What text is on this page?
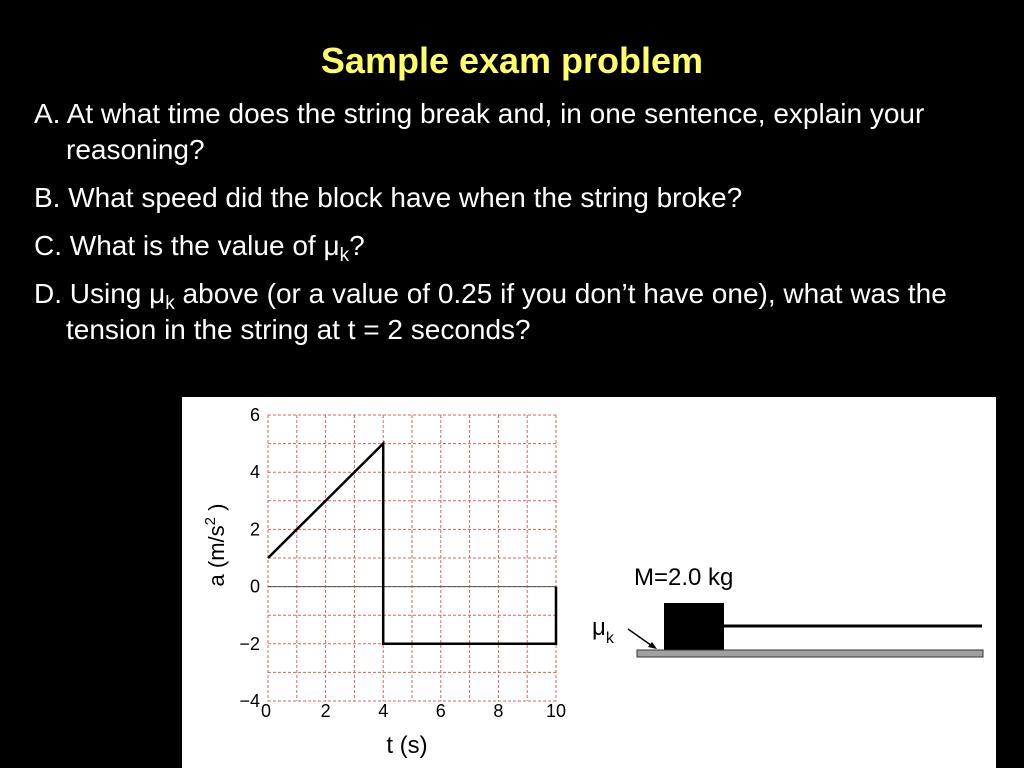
Sample exam problem
A. At what time does the string break and, in one sentence, explain your reasoning?
B. What speed did the block have when the string broke?
C. What is the value of $\mu_k$?
D. Using $\mu_k$ above (or a value of 0.25 if you don’t have one), what was the tension in the string at t = 2 seconds?
0	2	4	6	8 10
6
4
2
0
−2
−4
t (s)
a ($m/s^2$ )
M=2.0 kg
$\mu_k$
